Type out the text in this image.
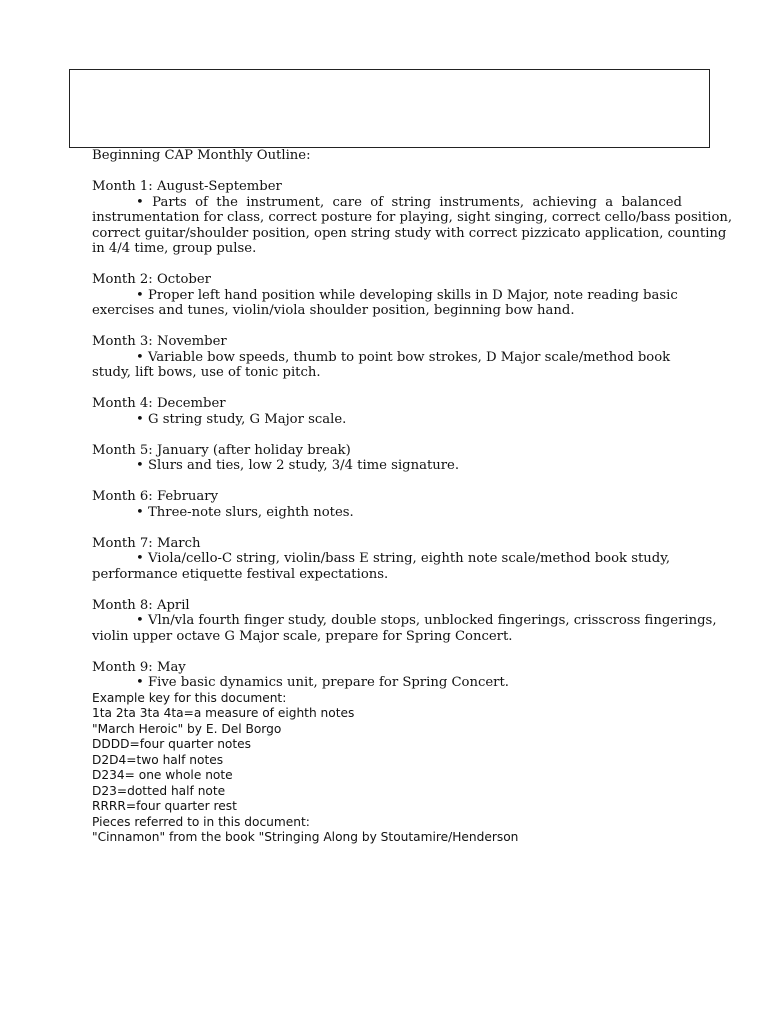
Beginning CAP Monthly Outline:
Month 1: August-September
• Parts of the instrument, care of string instruments, achieving a balanced
instrumentation for class, correct posture for playing, sight singing, correct cello/bass position,
correct guitar/shoulder position, open string study with correct pizzicato application, counting
in 4/4 time, group pulse.
Month 2: October
• Proper left hand position while developing skills in D Major, note reading basic
exercises and tunes, violin/viola shoulder position, beginning bow hand.
Month 3: November
• Variable bow speeds, thumb to point bow strokes, D Major scale/method book
study, lift bows, use of tonic pitch.
Month 4: December
• G string study, G Major scale.
Month 5: January (after holiday break)
• Slurs and ties, low 2 study, 3/4 time signature.
Month 6: February
• Three-note slurs, eighth notes.
Month 7: March
• Viola/cello-C string, violin/bass E string, eighth note scale/method book study,
performance etiquette festival expectations.
Month 8: April
• Vln/vla fourth finger study, double stops, unblocked fingerings, crisscross fingerings,
violin upper octave G Major scale, prepare for Spring Concert.
Month 9: May
• Five basic dynamics unit, prepare for Spring Concert.
Example key for this document:
1ta 2ta 3ta 4ta=a measure of eighth notes
"March Heroic" by E. Del Borgo
DDDD=four quarter notes
D2D4=two half notes
D234= one whole note
D23=dotted half note
RRRR=four quarter rest
Pieces referred to in this document:
"Cinnamon" from the book "Stringing Along by Stoutamire/Henderson
